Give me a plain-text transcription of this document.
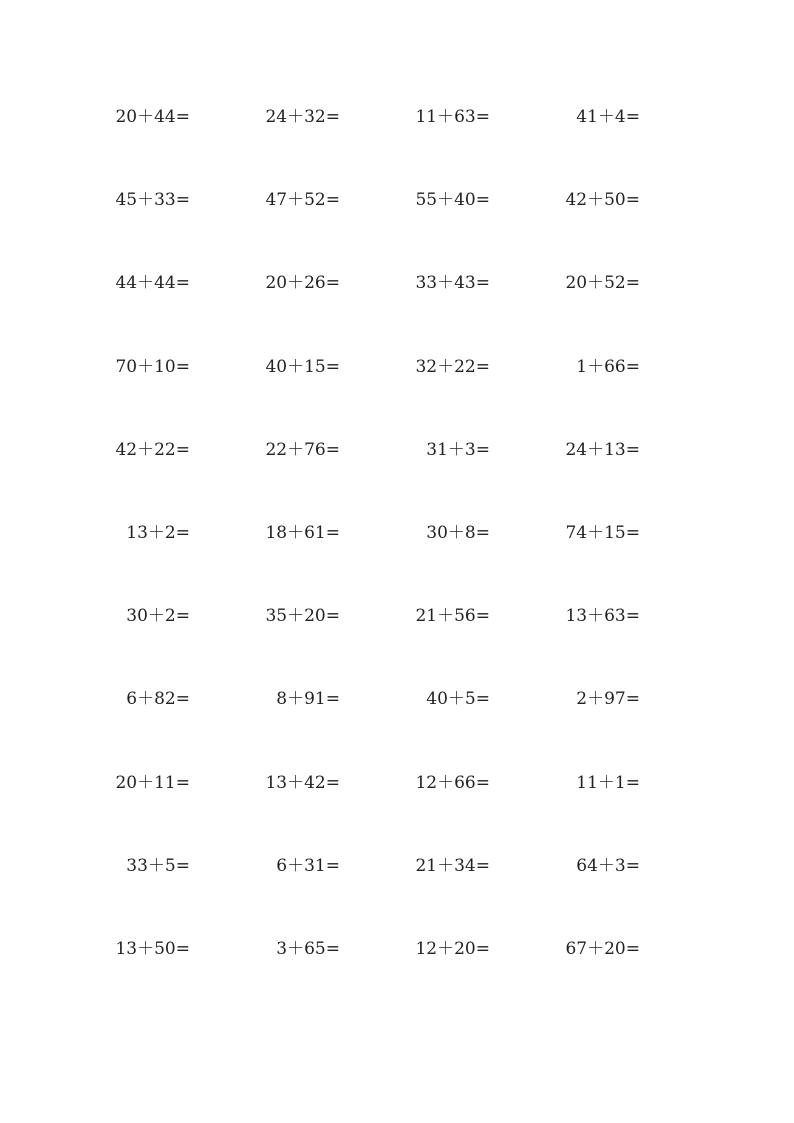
20＋44=	24＋32=	11＋63=	41＋4=
45＋33=	47＋52=	55＋40=	42＋50=
44＋44=	20＋26=	33＋43=	20＋52=
70＋10=	40＋15=	32＋22=	1＋66=
42＋22=	22＋76=	31＋3=	24＋13=
13＋2=	18＋61=	30＋8=	74＋15=
30＋2=	35＋20=	21＋56=	13＋63=
6＋82=	8＋91=	40＋5=	2＋97=
20＋11=	13＋42=	12＋66=	11＋1=
33＋5=	6＋31=	21＋34=	64＋3=
13＋50=	3＋65=	12＋20=	67＋20=
